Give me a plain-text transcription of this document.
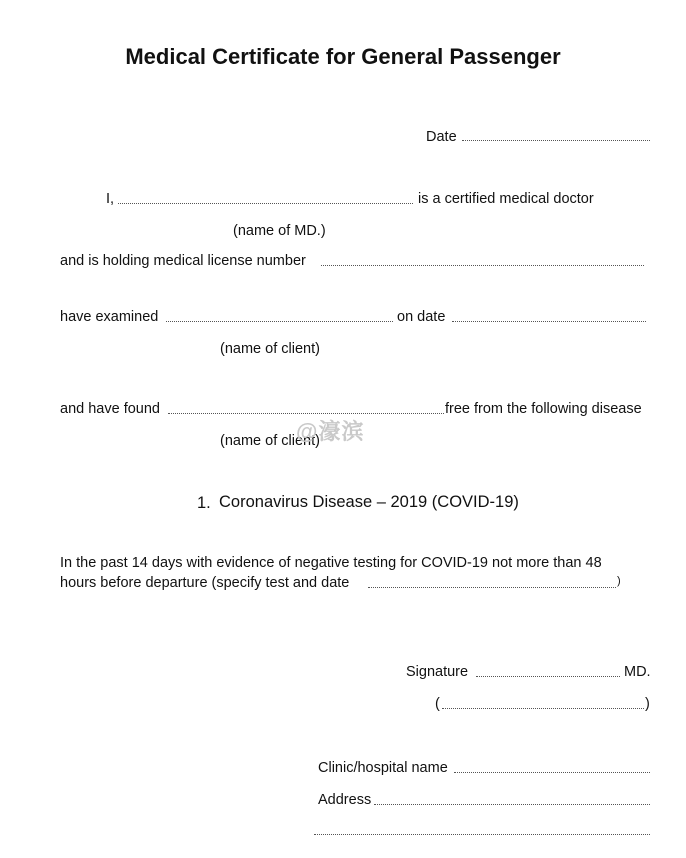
Medical Certificate for General Passenger
Date
I,	is a certified medical doctor
(name of MD.)
and is holding medical license number
have examined	on date
(name of client)
and have found	free from the following disease
(name of client)
@濠滨
1. Coronavirus Disease – 2019 (COVID-19)
In the past 14 days with evidence of negative testing for COVID-19 not more than 48
hours before departure (specify test and date	)
Signature	MD.
(	)
Clinic/hospital name
Address
